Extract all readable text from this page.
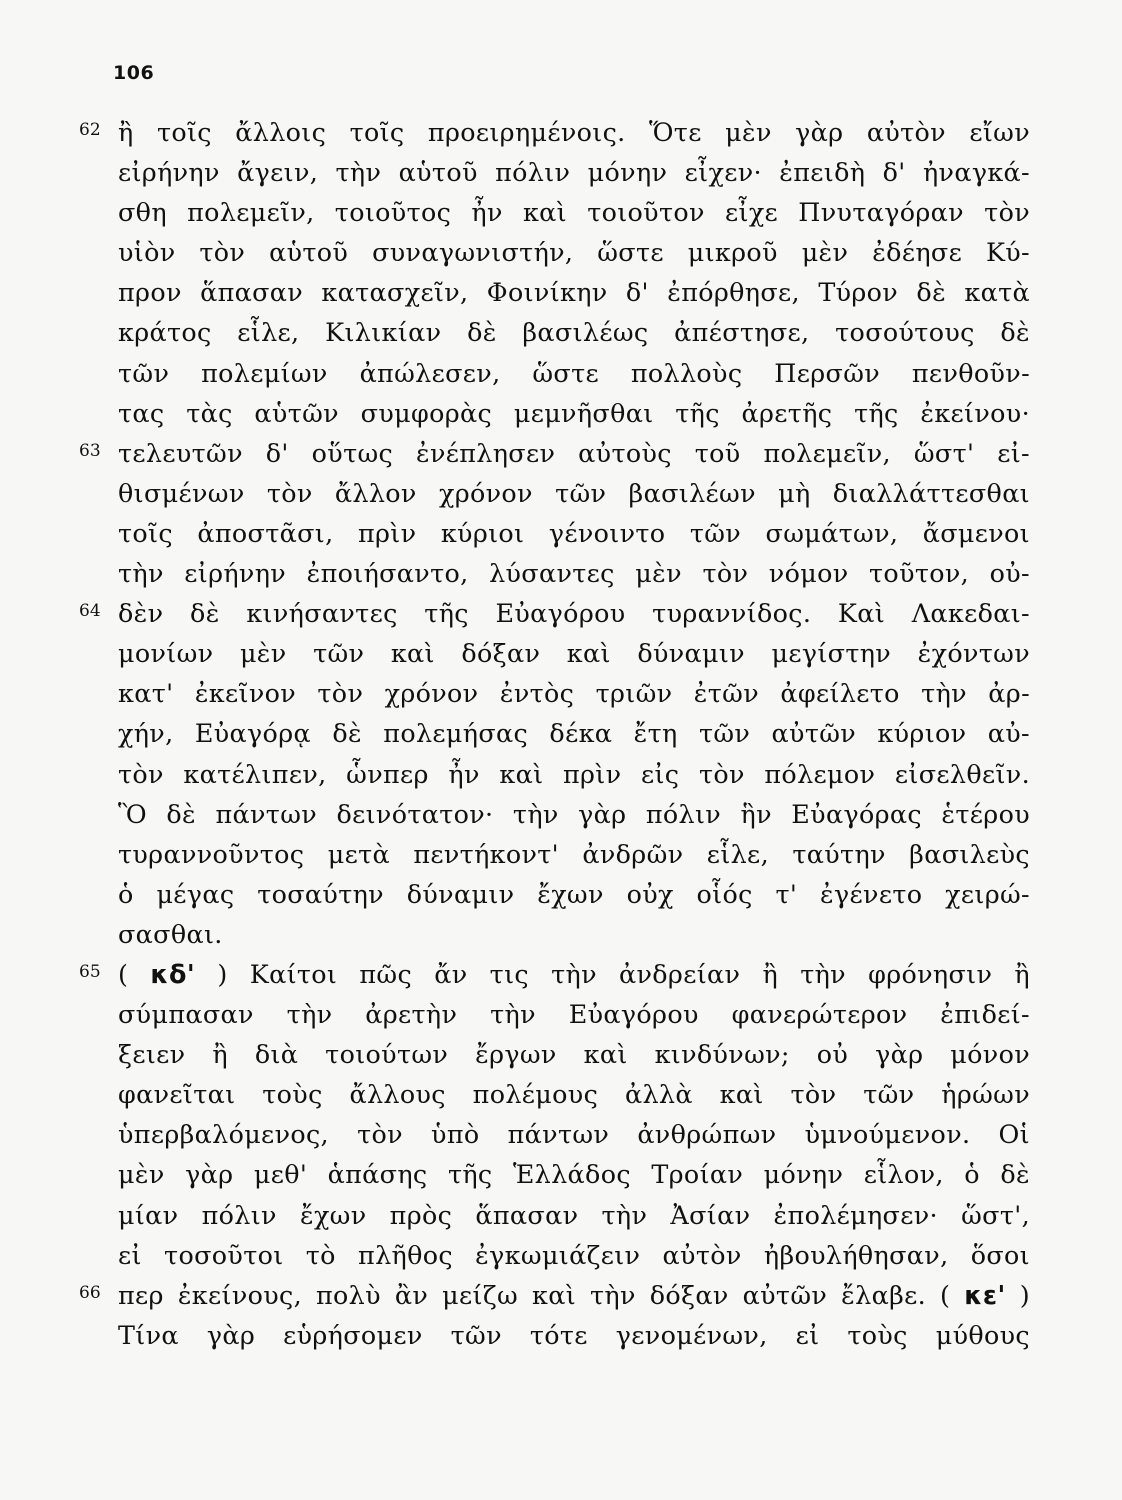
106
62 ἢ τοῖς ἄλλοις τοῖς προειρημένοις. Ὅτε μὲν γὰρ αὐτὸν εἴων
εἰρήνην ἄγειν, τὴν αὑτοῦ πόλιν μόνην εἶχεν· ἐπειδὴ δ' ἠναγκά-
σθη πολεμεῖν, τοιοῦτος ἦν καὶ τοιοῦτον εἶχε Πνυταγόραν τὸν
υἱὸν τὸν αὑτοῦ συναγωνιστήν, ὥστε μικροῦ μὲν ἐδέησε Κύ-
προν ἅπασαν κατασχεῖν, Φοινίκην δ' ἐπόρθησε, Τύρον δὲ κατὰ
κράτος εἷλε, Κιλικίαν δὲ βασιλέως ἀπέστησε, τοσούτους δὲ
τῶν πολεμίων ἀπώλεσεν, ὥστε πολλοὺς Περσῶν πενθοῦν-
τας τὰς αὑτῶν συμφορὰς μεμνῆσθαι τῆς ἀρετῆς τῆς ἐκείνου·
63 τελευτῶν δ' οὕτως ἐνέπλησεν αὐτοὺς τοῦ πολεμεῖν, ὥστ' εἰ-
θισμένων τὸν ἄλλον χρόνον τῶν βασιλέων μὴ διαλλάττεσθαι
τοῖς ἀποστᾶσι, πρὶν κύριοι γένοιντο τῶν σωμάτων, ἄσμενοι
τὴν εἰρήνην ἐποιήσαντο, λύσαντες μὲν τὸν νόμον τοῦτον, οὐ-
64 δὲν δὲ κινήσαντες τῆς Εὐαγόρου τυραννίδος. Καὶ Λακεδαι-
μονίων μὲν τῶν καὶ δόξαν καὶ δύναμιν μεγίστην ἐχόντων
κατ' ἐκεῖνον τὸν χρόνον ἐντὸς τριῶν ἐτῶν ἀφείλετο τὴν ἀρ-
χήν, Εὐαγόρᾳ δὲ πολεμήσας δέκα ἔτη τῶν αὐτῶν κύριον αὐ-
τὸν κατέλιπεν, ὧνπερ ἦν καὶ πρὶν εἰς τὸν πόλεμον εἰσελθεῖν.
Ὃ δὲ πάντων δεινότατον· τὴν γὰρ πόλιν ἣν Εὐαγόρας ἑτέρου
τυραννοῦντος μετὰ πεντήκοντ' ἀνδρῶν εἷλε, ταύτην βασιλεὺς
ὁ μέγας τοσαύτην δύναμιν ἔχων οὐχ οἷός τ' ἐγένετο χειρώ-
σασθαι.
65 ( κδ' ) Καίτοι πῶς ἄν τις τὴν ἀνδρείαν ἢ τὴν φρόνησιν ἢ
σύμπασαν τὴν ἀρετὴν τὴν Εὐαγόρου φανερώτερον ἐπιδεί-
ξειεν ἢ διὰ τοιούτων ἔργων καὶ κινδύνων; οὐ γὰρ μόνον
φανεῖται τοὺς ἄλλους πολέμους ἀλλὰ καὶ τὸν τῶν ἡρώων
ὑπερβαλόμενος, τὸν ὑπὸ πάντων ἀνθρώπων ὑμνούμενον. Οἱ
μὲν γὰρ μεθ' ἁπάσης τῆς Ἑλλάδος Τροίαν μόνην εἷλον, ὁ δὲ
μίαν πόλιν ἔχων πρὸς ἅπασαν τὴν Ἀσίαν ἐπολέμησεν· ὥστ',
εἰ τοσοῦτοι τὸ πλῆθος ἐγκωμιάζειν αὐτὸν ἠβουλήθησαν, ὅσοι
66 περ ἐκείνους, πολὺ ἂν μείζω καὶ τὴν δόξαν αὐτῶν ἔλαβε. ( κε' )
Τίνα γὰρ εὑρήσομεν τῶν τότε γενομένων, εἰ τοὺς μύθους
